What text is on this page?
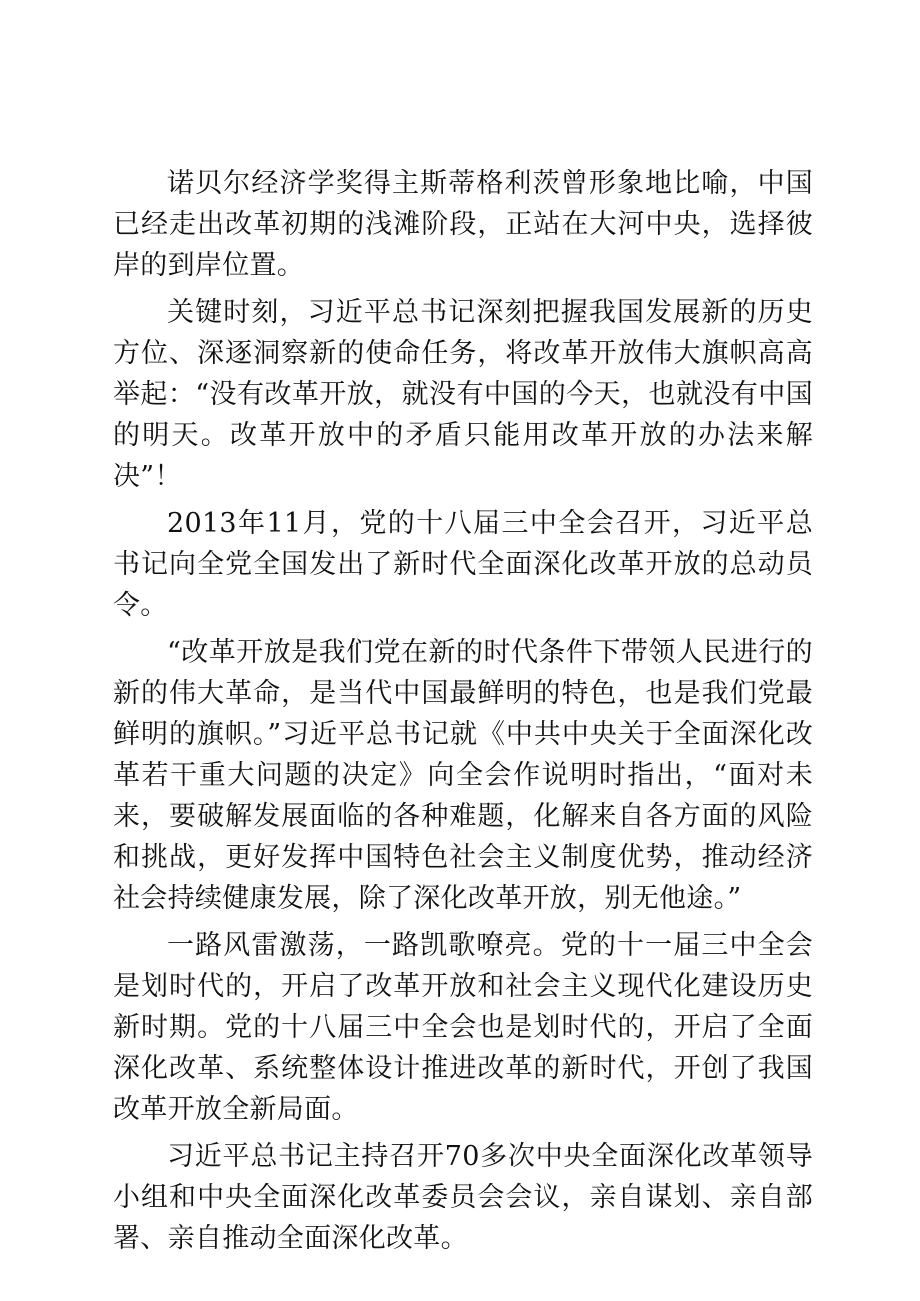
诺贝尔经济学奖得主斯蒂格利茨曾形象地比喻，中国已经走出改革初期的浅滩阶段，正站在大河中央，选择彼岸的到岸位置。

关键时刻，习近平总书记深刻把握我国发展新的历史方位、深逐洞察新的使命任务，将改革开放伟大旗帜高高举起：“没有改革开放，就没有中国的今天，也就没有中国的明天。改革开放中的矛盾只能用改革开放的办法来解决”！

2013年11月，党的十八届三中全会召开，习近平总书记向全党全国发出了新时代全面深化改革开放的总动员令。

“改革开放是我们党在新的时代条件下带领人民进行的新的伟大革命，是当代中国最鲜明的特色，也是我们党最鲜明的旗帜。”习近平总书记就《中共中央关于全面深化改革若干重大问题的决定》向全会作说明时指出，“面对未来，要破解发展面临的各种难题，化解来自各方面的风险和挑战，更好发挥中国特色社会主义制度优势，推动经济社会持续健康发展，除了深化改革开放，别无他途。”

一路风雷激荡，一路凯歌嘹亮。党的十一届三中全会是划时代的，开启了改革开放和社会主义现代化建设历史新时期。党的十八届三中全会也是划时代的，开启了全面深化改革、系统整体设计推进改革的新时代，开创了我国改革开放全新局面。

习近平总书记主持召开70多次中央全面深化改革领导小组和中央全面深化改革委员会会议，亲自谋划、亲自部署、亲自推动全面深化改革。
